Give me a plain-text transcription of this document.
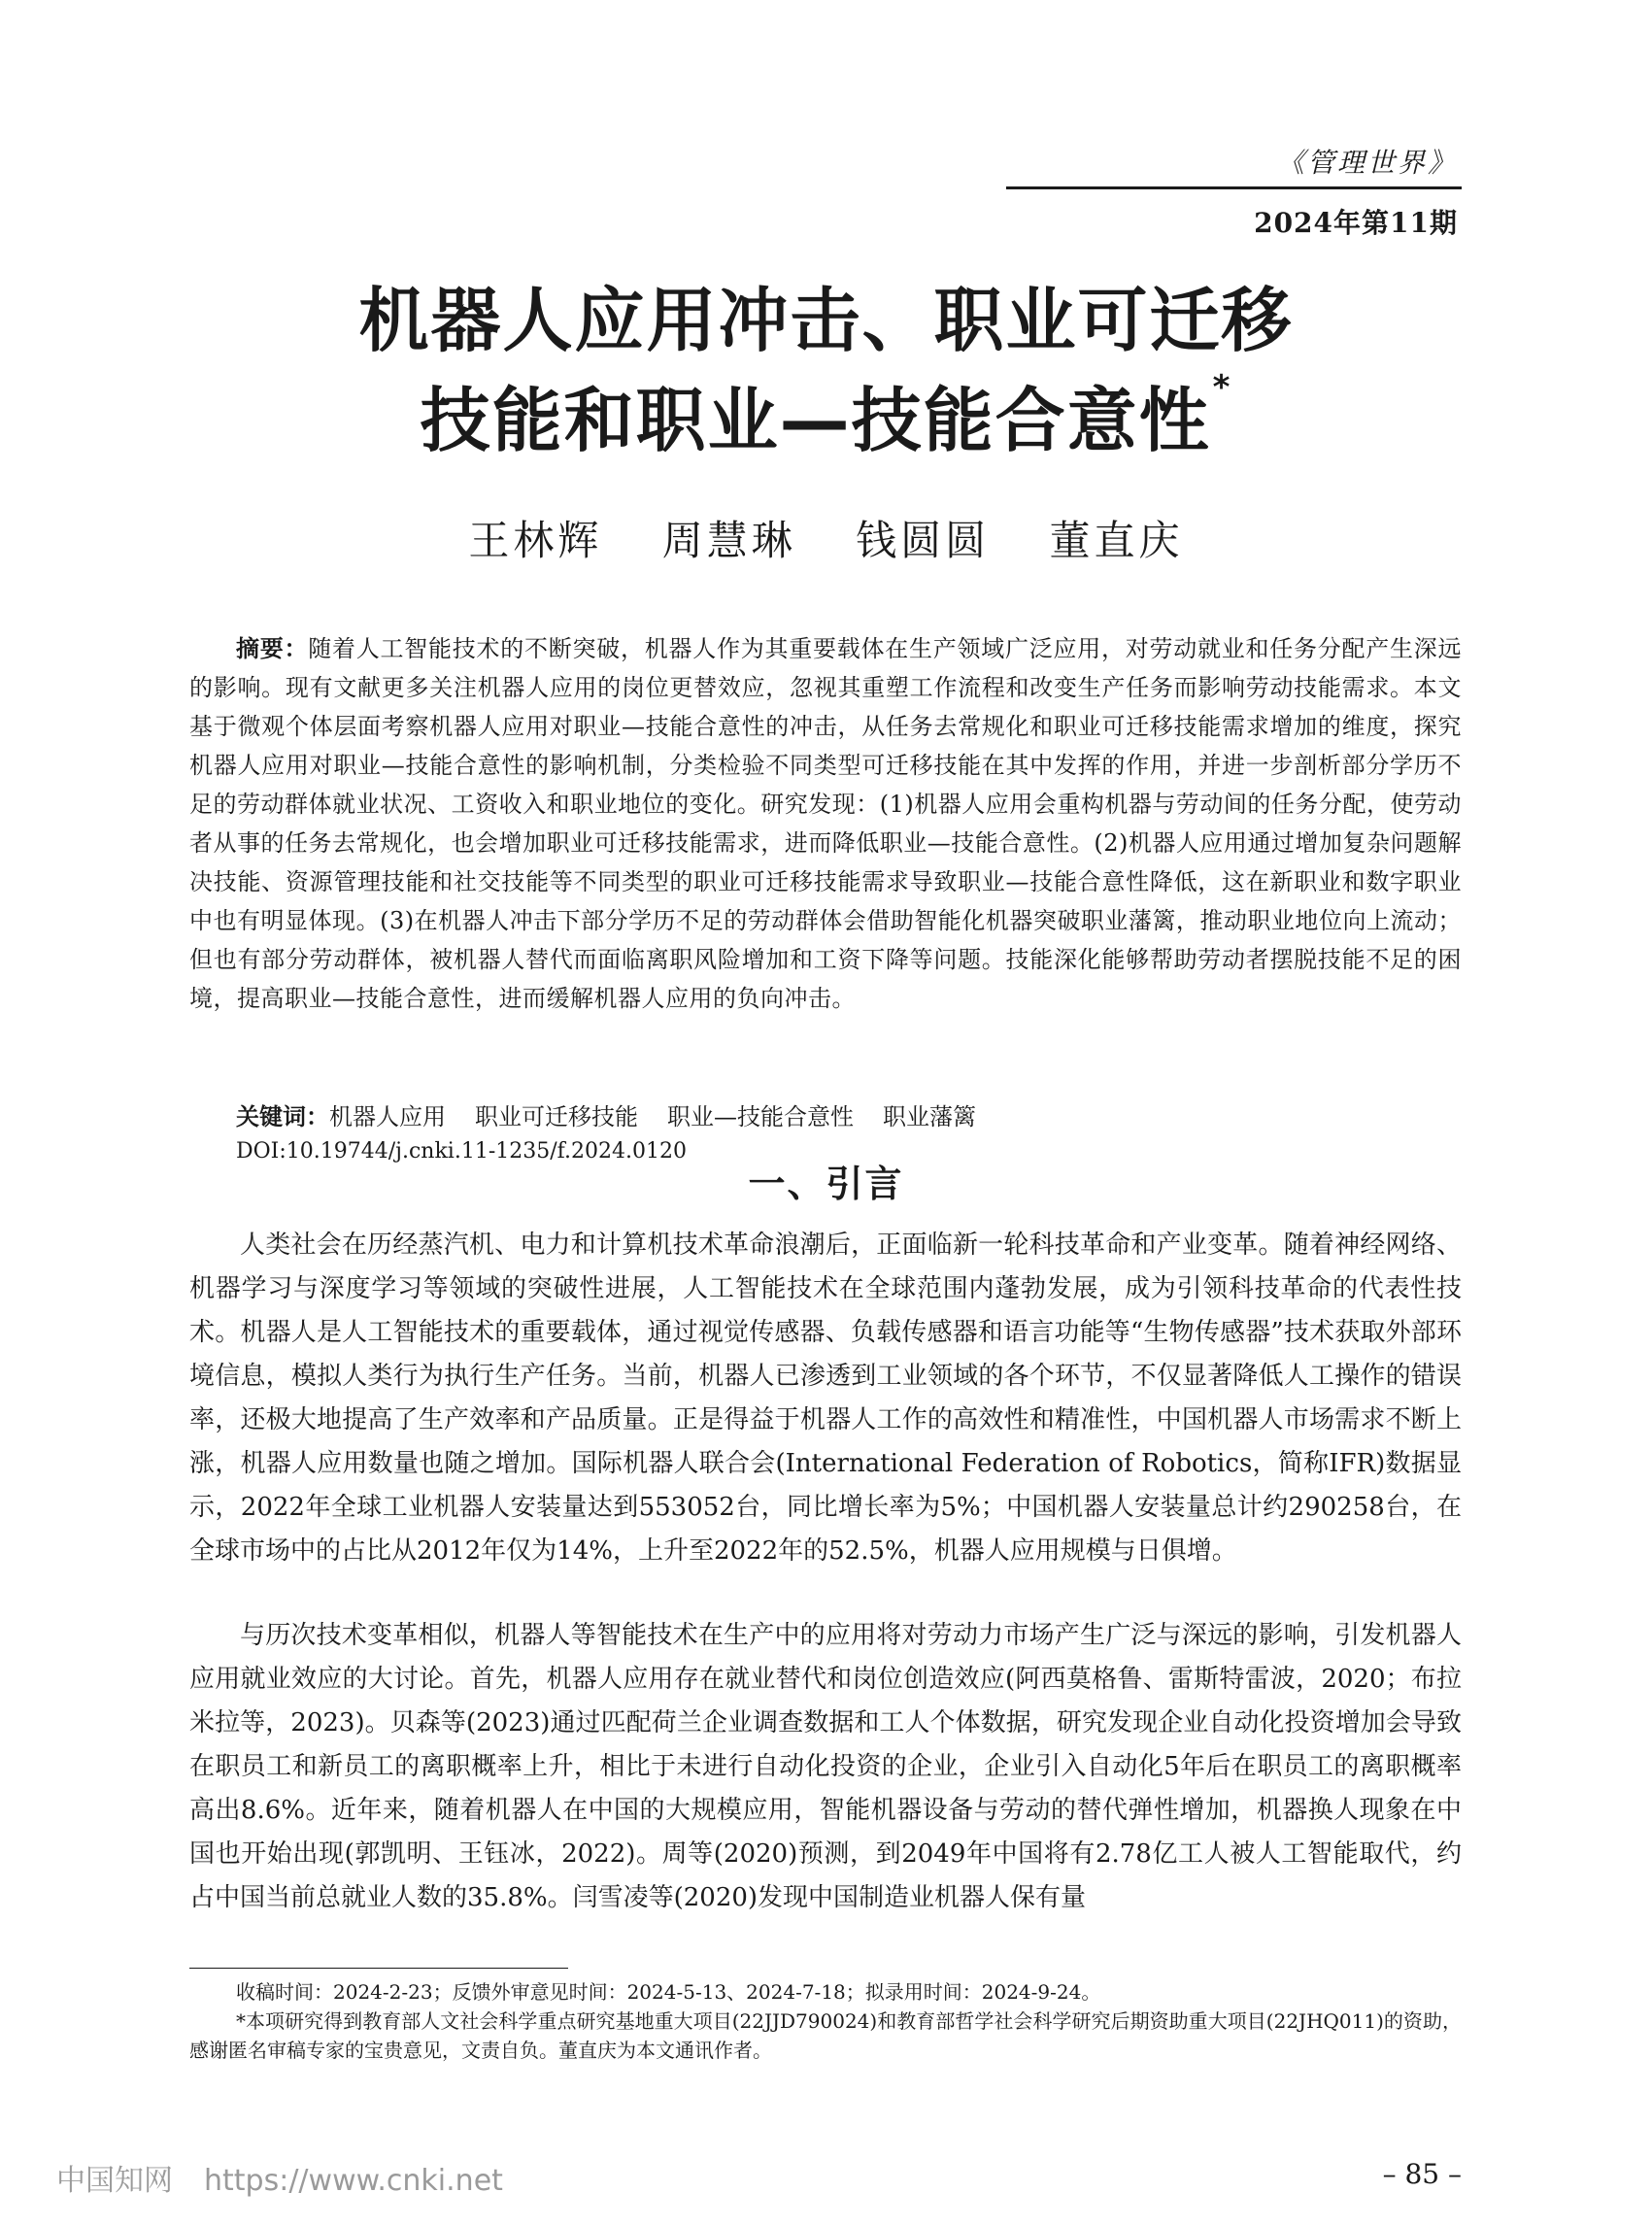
《管理世界》
2024年第11期
机器人应用冲击、职业可迁移
技能和职业—技能合意性*
王林辉 周慧琳 钱圆圆 董直庆

摘要：随着人工智能技术的不断突破，机器人作为其重要载体在生产领域广泛应用，对劳动就业和任务分配产生深远的影响。现有文献更多关注机器人应用的岗位更替效应，忽视其重塑工作流程和改变生产任务而影响劳动技能需求。本文基于微观个体层面考察机器人应用对职业—技能合意性的冲击，从任务去常规化和职业可迁移技能需求增加的维度，探究机器人应用对职业—技能合意性的影响机制，分类检验不同类型可迁移技能在其中发挥的作用，并进一步剖析部分学历不足的劳动群体就业状况、工资收入和职业地位的变化。研究发现：(1)机器人应用会重构机器与劳动间的任务分配，使劳动者从事的任务去常规化，也会增加职业可迁移技能需求，进而降低职业—技能合意性。(2)机器人应用通过增加复杂问题解决技能、资源管理技能和社交技能等不同类型的职业可迁移技能需求导致职业—技能合意性降低，这在新职业和数字职业中也有明显体现。(3)在机器人冲击下部分学历不足的劳动群体会借助智能化机器突破职业藩篱，推动职业地位向上流动；但也有部分劳动群体，被机器人替代而面临离职风险增加和工资下降等问题。技能深化能够帮助劳动者摆脱技能不足的困境，提高职业—技能合意性，进而缓解机器人应用的负向冲击。

关键词：机器人应用 职业可迁移技能 职业—技能合意性 职业藩篱
DOI:10.19744/j.cnki.11-1235/f.2024.0120
一、引言

人类社会在历经蒸汽机、电力和计算机技术革命浪潮后，正面临新一轮科技革命和产业变革。随着神经网络、机器学习与深度学习等领域的突破性进展，人工智能技术在全球范围内蓬勃发展，成为引领科技革命的代表性技术。机器人是人工智能技术的重要载体，通过视觉传感器、负载传感器和语言功能等“生物传感器”技术获取外部环境信息，模拟人类行为执行生产任务。当前，机器人已渗透到工业领域的各个环节，不仅显著降低人工操作的错误率，还极大地提高了生产效率和产品质量。正是得益于机器人工作的高效性和精准性，中国机器人市场需求不断上涨，机器人应用数量也随之增加。国际机器人联合会(International Federation of Robotics，简称IFR)数据显示，2022年全球工业机器人安装量达到553052台，同比增长率为5%；中国机器人安装量总计约290258台，在全球市场中的占比从2012年仅为14%，上升至2022年的52.5%，机器人应用规模与日俱增。

与历次技术变革相似，机器人等智能技术在生产中的应用将对劳动力市场产生广泛与深远的影响，引发机器人应用就业效应的大讨论。首先，机器人应用存在就业替代和岗位创造效应(阿西莫格鲁、雷斯特雷波，2020；布拉米拉等，2023)。贝森等(2023)通过匹配荷兰企业调查数据和工人个体数据，研究发现企业自动化投资增加会导致在职员工和新员工的离职概率上升，相比于未进行自动化投资的企业，企业引入自动化5年后在职员工的离职概率高出8.6%。近年来，随着机器人在中国的大规模应用，智能机器设备与劳动的替代弹性增加，机器换人现象在中国也开始出现(郭凯明、王钰冰，2022)。周等(2020)预测，到2049年中国将有2.78亿工人被人工智能取代，约占中国当前总就业人数的35.8%。闫雪凌等(2020)发现中国制造业机器人保有量

收稿时间：2024-2-23；反馈外审意见时间：2024-5-13、2024-7-18；拟录用时间：2024-9-24。

*本项研究得到教育部人文社会科学重点研究基地重大项目(22JJD790024)和教育部哲学社会科学研究后期资助重大项目(22JHQ011)的资助，感谢匿名审稿专家的宝贵意见，文责自负。董直庆为本文通讯作者。

– 85 –
中国知网 https://www.cnki.net
